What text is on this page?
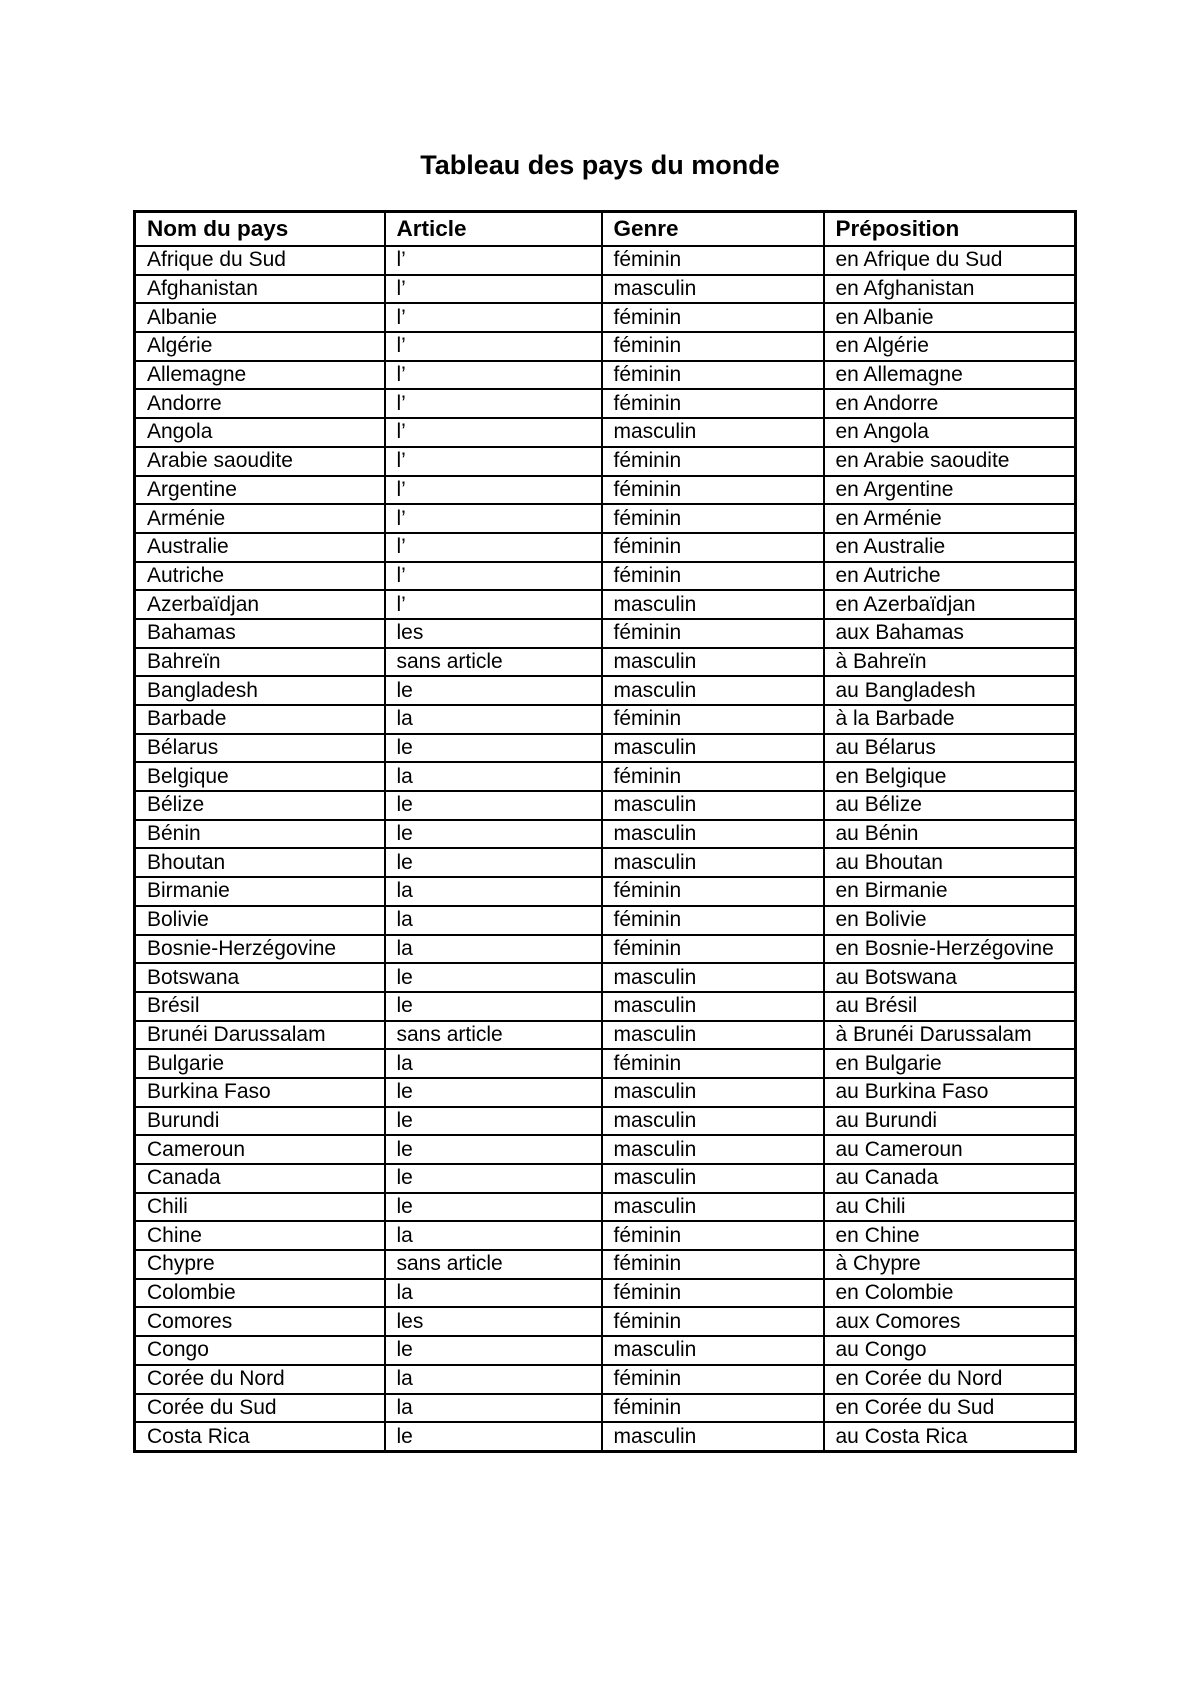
Tableau des pays du monde
Nom du pays	Article	Genre	Préposition
Afrique du Sud	l’	féminin	en Afrique du Sud
Afghanistan	l’	masculin	en Afghanistan
Albanie	l’	féminin	en Albanie
Algérie	l’	féminin	en Algérie
Allemagne	l’	féminin	en Allemagne
Andorre	l’	féminin	en Andorre
Angola	l’	masculin	en Angola
Arabie saoudite	l’	féminin	en Arabie saoudite
Argentine	l’	féminin	en Argentine
Arménie	l’	féminin	en Arménie
Australie	l’	féminin	en Australie
Autriche	l’	féminin	en Autriche
Azerbaïdjan	l’	masculin	en Azerbaïdjan
Bahamas	les	féminin	aux Bahamas
Bahreïn	sans article	masculin	à Bahreïn
Bangladesh	le	masculin	au Bangladesh
Barbade	la	féminin	à la Barbade
Bélarus	le	masculin	au Bélarus
Belgique	la	féminin	en Belgique
Bélize	le	masculin	au Bélize
Bénin	le	masculin	au Bénin
Bhoutan	le	masculin	au Bhoutan
Birmanie	la	féminin	en Birmanie
Bolivie	la	féminin	en Bolivie
Bosnie-Herzégovine	la	féminin	en Bosnie-Herzégovine
Botswana	le	masculin	au Botswana
Brésil	le	masculin	au Brésil
Brunéi Darussalam	sans article	masculin	à Brunéi Darussalam
Bulgarie	la	féminin	en Bulgarie
Burkina Faso	le	masculin	au Burkina Faso
Burundi	le	masculin	au Burundi
Cameroun	le	masculin	au Cameroun
Canada	le	masculin	au Canada
Chili	le	masculin	au Chili
Chine	la	féminin	en Chine
Chypre	sans article	féminin	à Chypre
Colombie	la	féminin	en Colombie
Comores	les	féminin	aux Comores
Congo	le	masculin	au Congo
Corée du Nord	la	féminin	en Corée du Nord
Corée du Sud	la	féminin	en Corée du Sud
Costa Rica	le	masculin	au Costa Rica
